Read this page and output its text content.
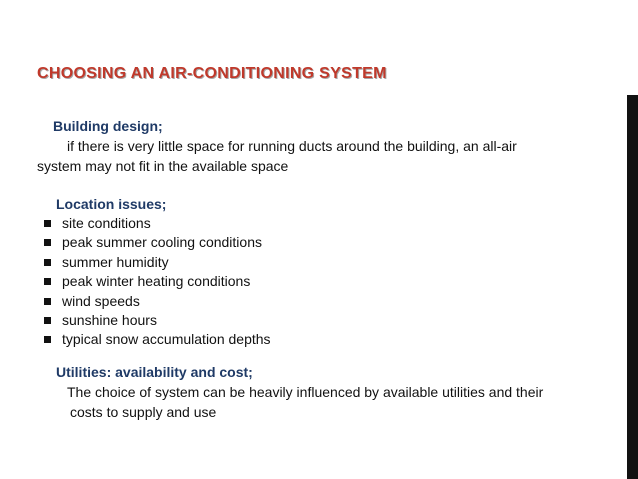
CHOOSING AN AIR-CONDITIONING SYSTEM
Building design;
if there is very little space for running ducts around the building, an all-air
system may not fit in the available space
Location issues;
site conditions
peak summer cooling conditions
summer humidity
peak winter heating conditions
wind speeds
sunshine hours
typical snow accumulation depths
Utilities: availability and cost;
The choice of system can be heavily influenced by available utilities and their
costs to supply and use
